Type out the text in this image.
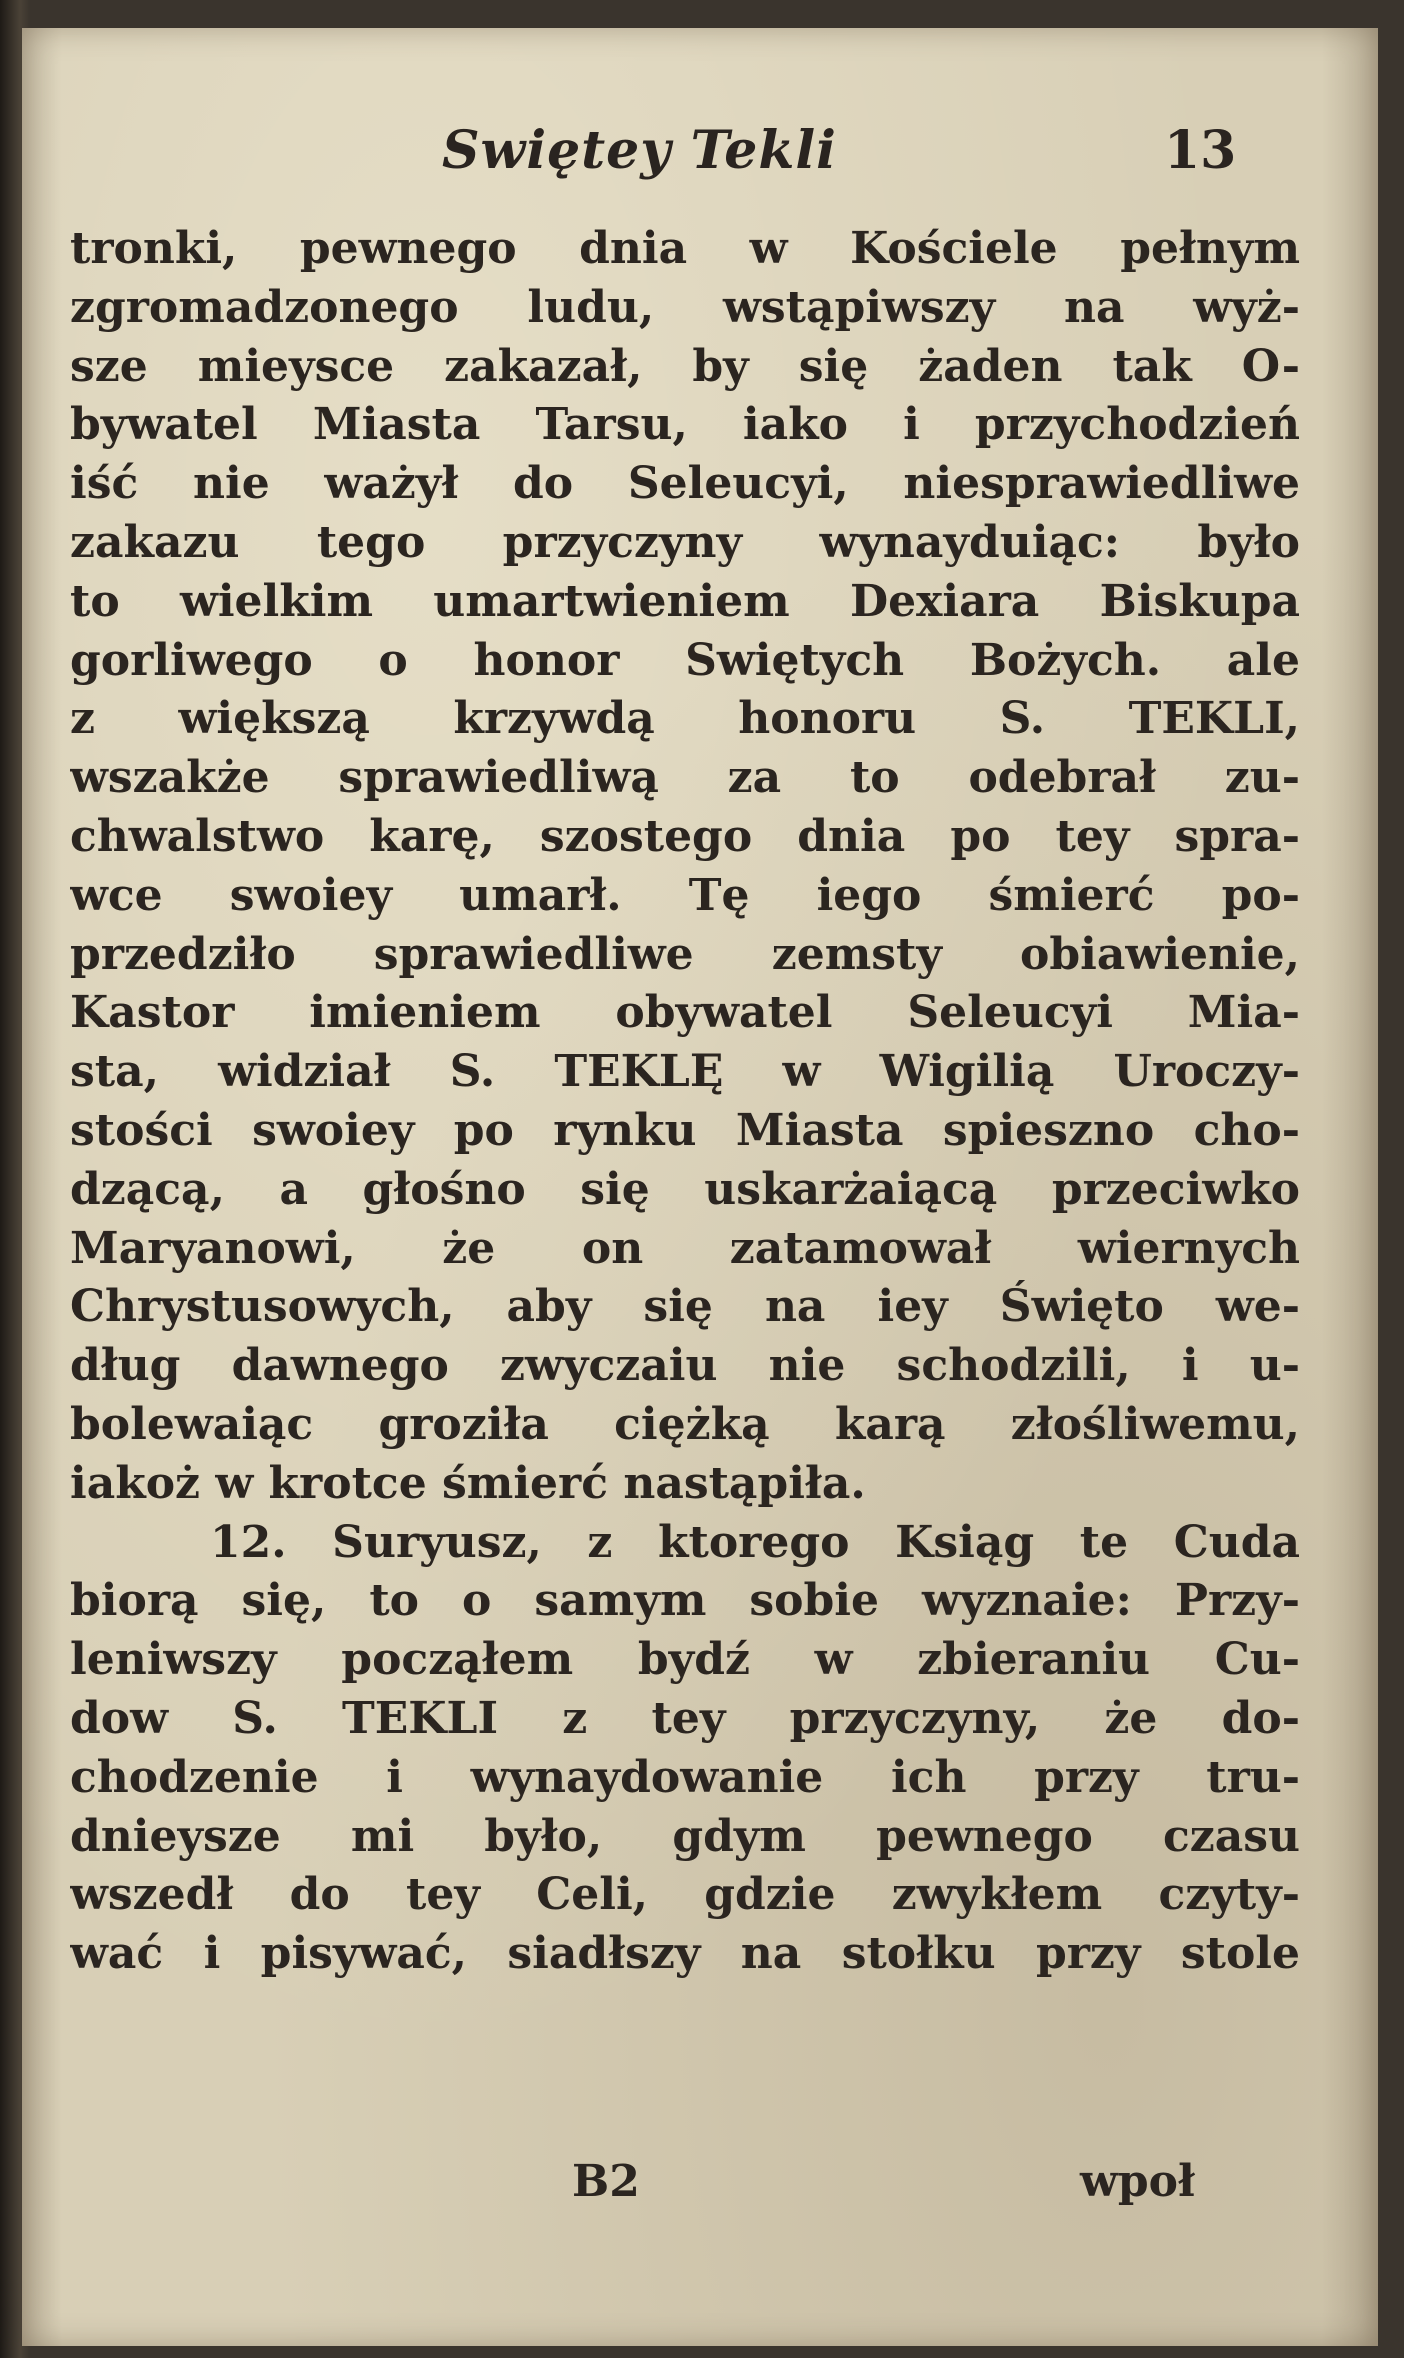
Swiętey Tekli	13
tronki, pewnego dnia w Kościele pełnym
zgromadzonego ludu, wstąpiwszy na wyż-
sze mieysce zakazał, by się żaden tak O-
bywatel Miasta Tarsu, iako i przychodzień
iść nie ważył do Seleucyi, niesprawiedliwe
zakazu tego przyczyny wynayduiąc: było
to wielkim umartwieniem Dexiara Biskupa
gorliwego o honor Swiętych Bożych. ale
z większą krzywdą honoru S. TEKLI,
wszakże sprawiedliwą za to odebrał zu-
chwalstwo karę, szostego dnia po tey spra-
wce swoiey umarł. Tę iego śmierć po-
przedziło sprawiedliwe zemsty obiawienie,
Kastor imieniem obywatel Seleucyi Mia-
sta, widział S. TEKLĘ w Wigilią Uroczy-
stości swoiey po rynku Miasta spieszno cho-
dzącą, a głośno się uskarżaiącą przeciwko
Maryanowi, że on zatamował wiernych
Chrystusowych, aby się na iey Święto we-
dług dawnego zwyczaiu nie schodzili, i u-
bolewaiąc groziła ciężką karą złośliwemu,
iakoż w krotce śmierć nastąpiła.
12. Suryusz, z ktorego Ksiąg te Cuda
biorą się, to o samym sobie wyznaie: Przy-
leniwszy począłem bydź w zbieraniu Cu-
dow S. TEKLI z tey przyczyny, że do-
chodzenie i wynaydowanie ich przy tru-
dnieysze mi było, gdym pewnego czasu
wszedł do tey Celi, gdzie zwykłem czyty-
wać i pisywać, siadłszy na stołku przy stole
B2	wpoł
